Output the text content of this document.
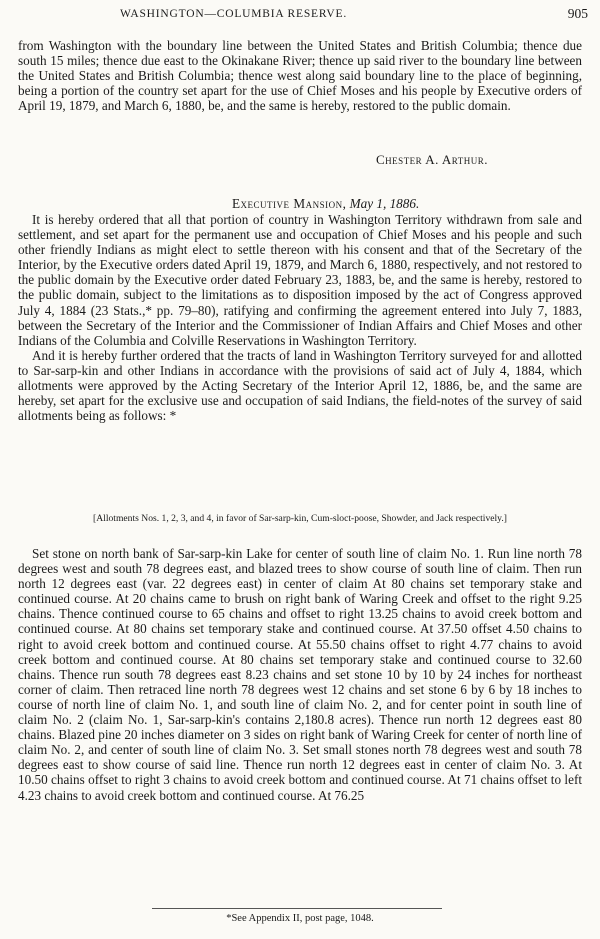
WASHINGTON—COLUMBIA RESERVE.	905

from Washington with the boundary line between the United States and British Columbia; thence due south 15 miles; thence due east to the Okinakane River; thence up said river to the boundary line between the United States and British Columbia; thence west along said boundary line to the place of beginning, being a portion of the country set apart for the use of Chief Moses and his people by Executive orders of April 19, 1879, and March 6, 1880, be, and the same is hereby, restored to the public domain.

Chester A. Arthur.
Executive Mansion, May 1, 1886.

It is hereby ordered that all that portion of country in Washington Territory withdrawn from sale and settlement, and set apart for the permanent use and occupation of Chief Moses and his people and such other friendly Indians as might elect to settle thereon with his consent and that of the Secretary of the Interior, by the Executive orders dated April 19, 1879, and March 6, 1880, respectively, and not restored to the public domain by the Executive order dated February 23, 1883, be, and the same is hereby, restored to the public domain, subject to the limitations as to disposition imposed by the act of Congress approved July 4, 1884 (23 Stats.,* pp. 79–80), ratifying and confirming the agreement entered into July 7, 1883, between the Secretary of the Interior and the Commissioner of Indian Affairs and Chief Moses and other Indians of the Columbia and Colville Reservations in Washington Territory.

And it is hereby further ordered that the tracts of land in Washington Territory surveyed for and allotted to Sar-sarp-kin and other Indians in accordance with the provisions of said act of July 4, 1884, which allotments were approved by the Acting Secretary of the Interior April 12, 1886, be, and the same are hereby, set apart for the exclusive use and occupation of said Indians, the field-notes of the survey of said allotments being as follows: *

[Allotments Nos. 1, 2, 3, and 4, in favor of Sar-sarp-kin, Cum-sloct-poose, Showder, and Jack respectively.]

Set stone on north bank of Sar-sarp-kin Lake for center of south line of claim No. 1. Run line north 78 degrees west and south 78 degrees east, and blazed trees to show course of south line of claim. Then run north 12 degrees east (var. 22 degrees east) in center of claim At 80 chains set temporary stake and continued course. At 20 chains came to brush on right bank of Waring Creek and offset to the right 9.25 chains. Thence continued course to 65 chains and offset to right 13.25 chains to avoid creek bottom and continued course. At 80 chains set temporary stake and continued course. At 37.50 offset 4.50 chains to right to avoid creek bottom and continued course. At 55.50 chains offset to right 4.77 chains to avoid creek bottom and continued course. At 80 chains set temporary stake and continued course to 32.60 chains. Thence run south 78 degrees east 8.23 chains and set stone 10 by 10 by 24 inches for northeast corner of claim. Then retraced line north 78 degrees west 12 chains and set stone 6 by 6 by 18 inches to course of north line of claim No. 1, and south line of claim No. 2, and for center point in south line of claim No. 2 (claim No. 1, Sar-sarp-kin's contains 2,180.8 acres). Thence run north 12 degrees east 80 chains. Blazed pine 20 inches diameter on 3 sides on right bank of Waring Creek for center of north line of claim No. 2, and center of south line of claim No. 3. Set small stones north 78 degrees west and south 78 degrees east to show course of said line. Thence run north 12 degrees east in center of claim No. 3. At 10.50 chains offset to right 3 chains to avoid creek bottom and continued course. At 71 chains offset to left 4.23 chains to avoid creek bottom and continued course. At 76.25

*See Appendix II, post page, 1048.
